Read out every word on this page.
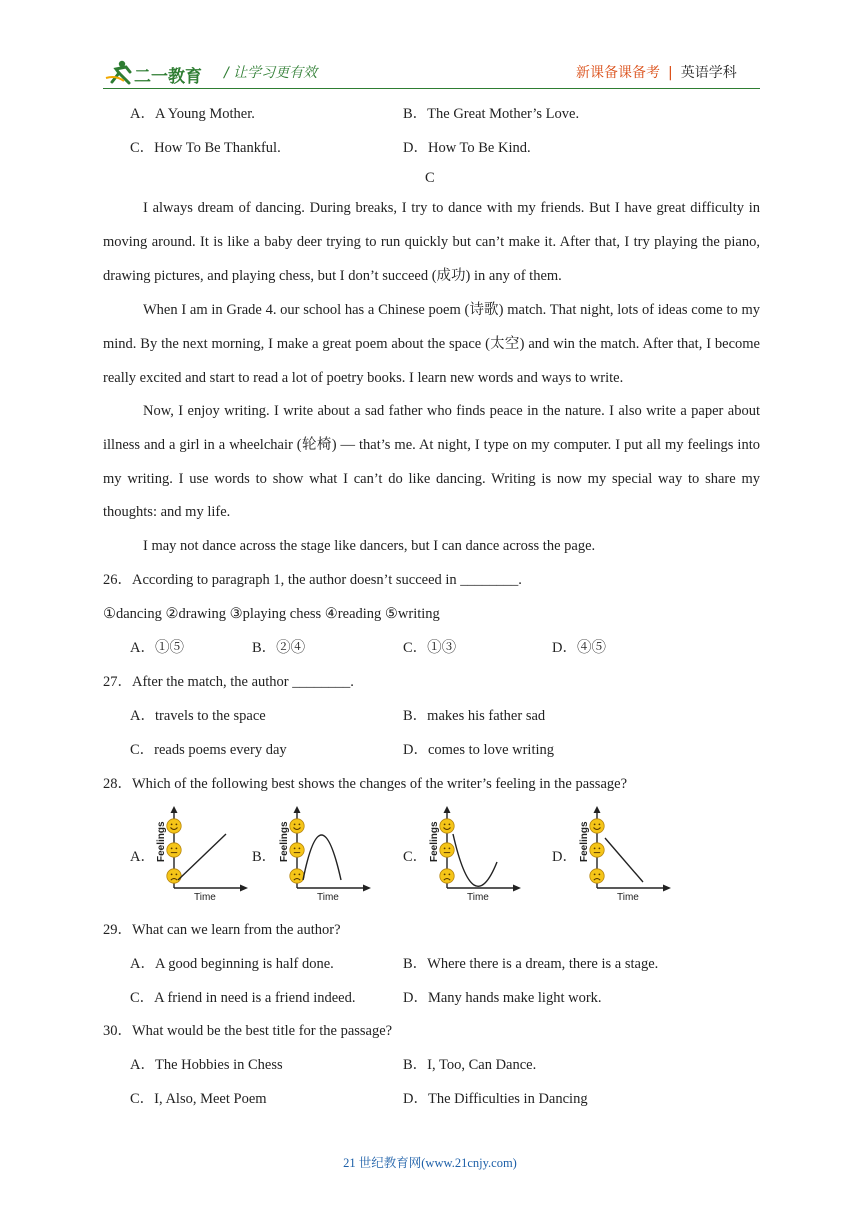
二一教育 / 让学习更有效	新课备课备考 | 英语学科
A．A Young Mother.	B．The Great Mother’s Love.
C．How To Be Thankful.	D．How To Be Kind.
C
I always dream of dancing. During breaks, I try to dance with my friends. But I have great difficulty in moving around. It is like a baby deer trying to run quickly but can’t make it. After that, I try playing the piano, drawing pictures, and playing chess, but I don’t succeed (成功) in any of them.
When I am in Grade 4. our school has a Chinese poem (诗歌) match. That night, lots of ideas come to my mind. By the next morning, I make a great poem about the space (太空) and win the match. After that, I become really excited and start to read a lot of poetry books. I learn new words and ways to write.
Now, I enjoy writing. I write about a sad father who finds peace in the nature. I also write a paper about illness and a girl in a wheelchair (轮椅) — that’s me. At night, I type on my computer. I put all my feelings into my writing. I use words to show what I can’t do like dancing. Writing is now my special way to share my thoughts: and my life.
I may not dance across the stage like dancers, but I can dance across the page.
26．According to paragraph 1, the author doesn’t succeed in ________.
①dancing ②drawing ③playing chess ④reading ⑤writing
A．①⑤	B．②④	C．①③	D．④⑤
27．After the match, the author ________.
A．travels to the space	B．makes his father sad
C．reads poems every day	D．comes to love writing
28．Which of the following best shows the changes of the writer’s feeling in the passage?
A．	B．	C．	D．
Feelings
Time
Feelings
Time
Feelings
Time
Feelings
Time
29．What can we learn from the author?
A．A good beginning is half done.	B．Where there is a dream, there is a stage.
C．A friend in need is a friend indeed.	D．Many hands make light work.
30．What would be the best title for the passage?
A．The Hobbies in Chess	B．I, Too, Can Dance.
C．I, Also, Meet Poem	D．The Difficulties in Dancing
21 世纪教育网(www.21cnjy.com)
